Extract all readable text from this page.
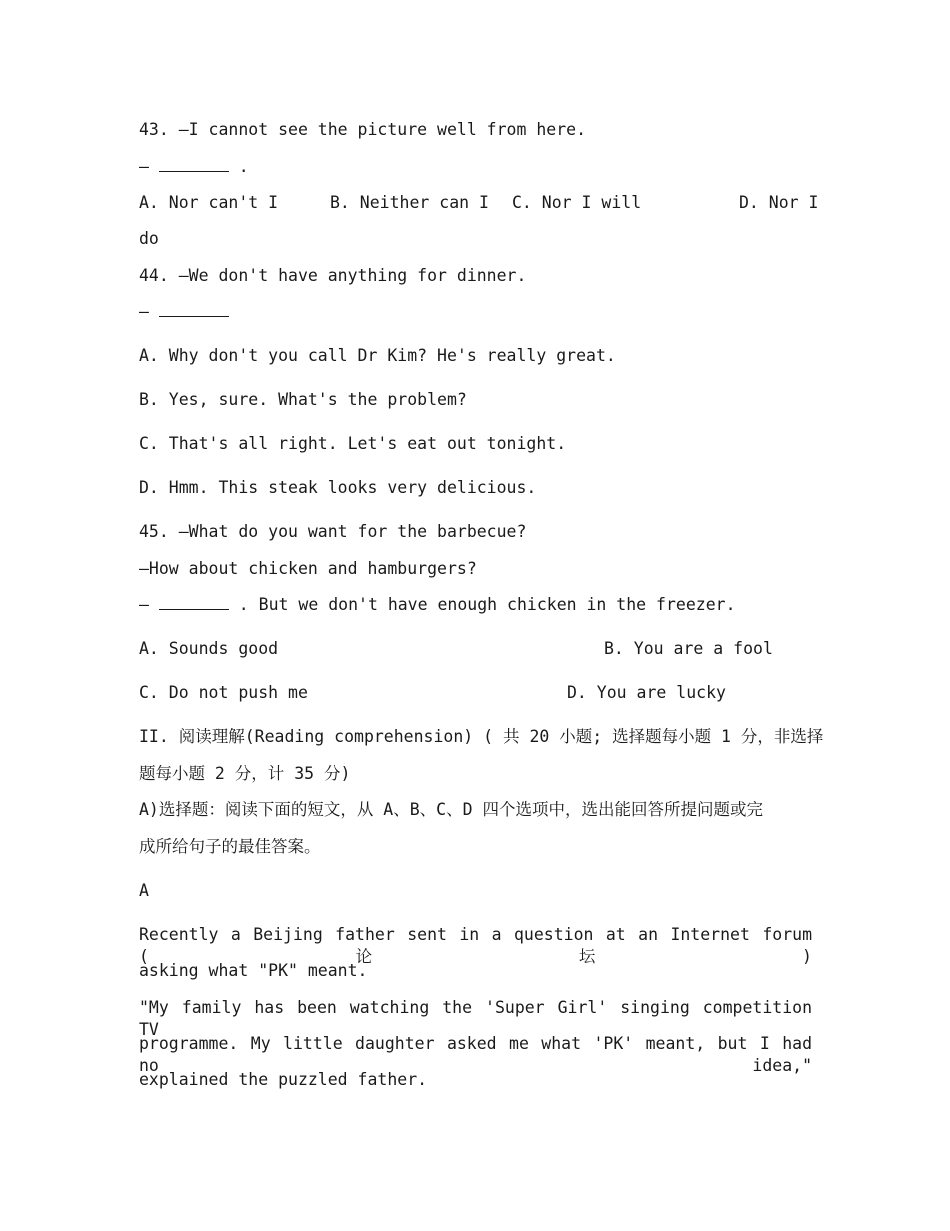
43. —I cannot see the picture well from here.
—	.
A. Nor can't I	B. Neither can I C. Nor I will	D. Nor I
do
44. —We don't have anything for dinner.
—
A. Why don't you call Dr Kim? He's really great.
B. Yes, sure. What's the problem?
C. That's all right. Let's eat out tonight.
D. Hmm. This steak looks very delicious.
45. —What do you want for the barbecue?
—How about chicken and hamburgers?
—	. But we don't have enough chicken in the freezer.
A. Sounds good	B. You are a fool
C. Do not push me	D. You are lucky
II. 阅读理解(Reading comprehension) ( 共 20 小题; 选择题每小题 1 分，非选择
题每小题 2 分，计 35 分)
A)选择题：阅读下面的短文，从 A、B、C、D 四个选项中，选出能回答所提问题或完
成所给句子的最佳答案。
A
Recently a Beijing father sent in a question at an Internet forum (论坛)
asking what "PK" meant.
"My family has been watching the 'Super Girl' singing competition TV
programme. My little daughter asked me what 'PK' meant, but I had no idea,"
explained the puzzled father.
